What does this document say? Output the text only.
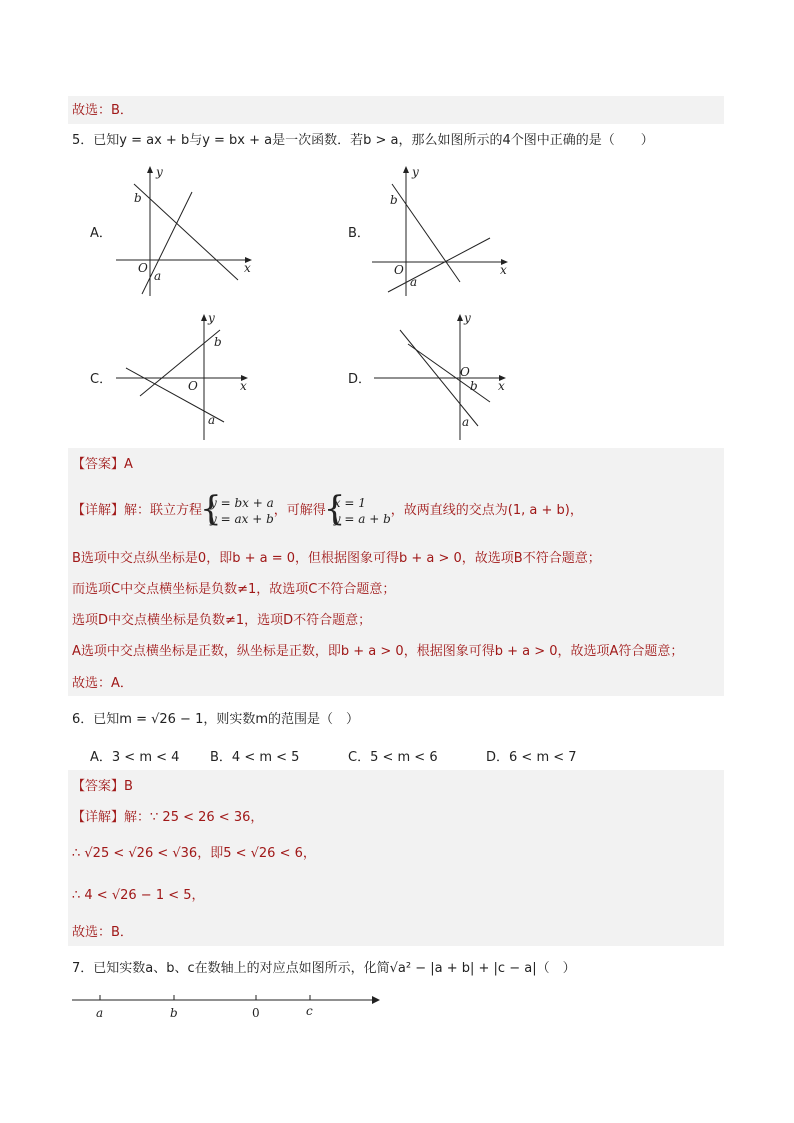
故选：B．
5．已知y = ax + b与y = bx + a是一次函数．若b > a，那么如图所示的4个图中正确的是（　　）
A．
x
y
O
b
a
B．
x
y
O
b
a
C．	x
y
O
b
a
D．	x
y
O
b
a
【答案】A
【详解】解：联立方程
{ y = bx + a
y = ax + b
，可解得
{ x = 1
y = a + b
，故两直线的交点为(1, a + b)，
B选项中交点纵坐标是0，即b + a = 0，但根据图象可得b + a > 0，故选项B不符合题意；
而选项C中交点横坐标是负数≠1，故选项C不符合题意；
选项D中交点横坐标是负数≠1，选项D不符合题意；
A选项中交点横坐标是正数，纵坐标是正数，即b + a > 0，根据图象可得b + a > 0，故选项A符合题意；
故选：A．
6．已知m = √26 − 1，则实数m的范围是（　）
A．3 < m < 4 B．4 < m < 5	C．5 < m < 6	D．6 < m < 7
【答案】B
【详解】解：∵ 25 < 26 < 36，
∴ √25 < √26 < √36，即5 < √26 < 6，
∴ 4 < √26 − 1 < 5，
故选：B．
7．已知实数a、b、c在数轴上的对应点如图所示，化简√a² − |a + b| + |c − a|（　）
a	b	0	c
